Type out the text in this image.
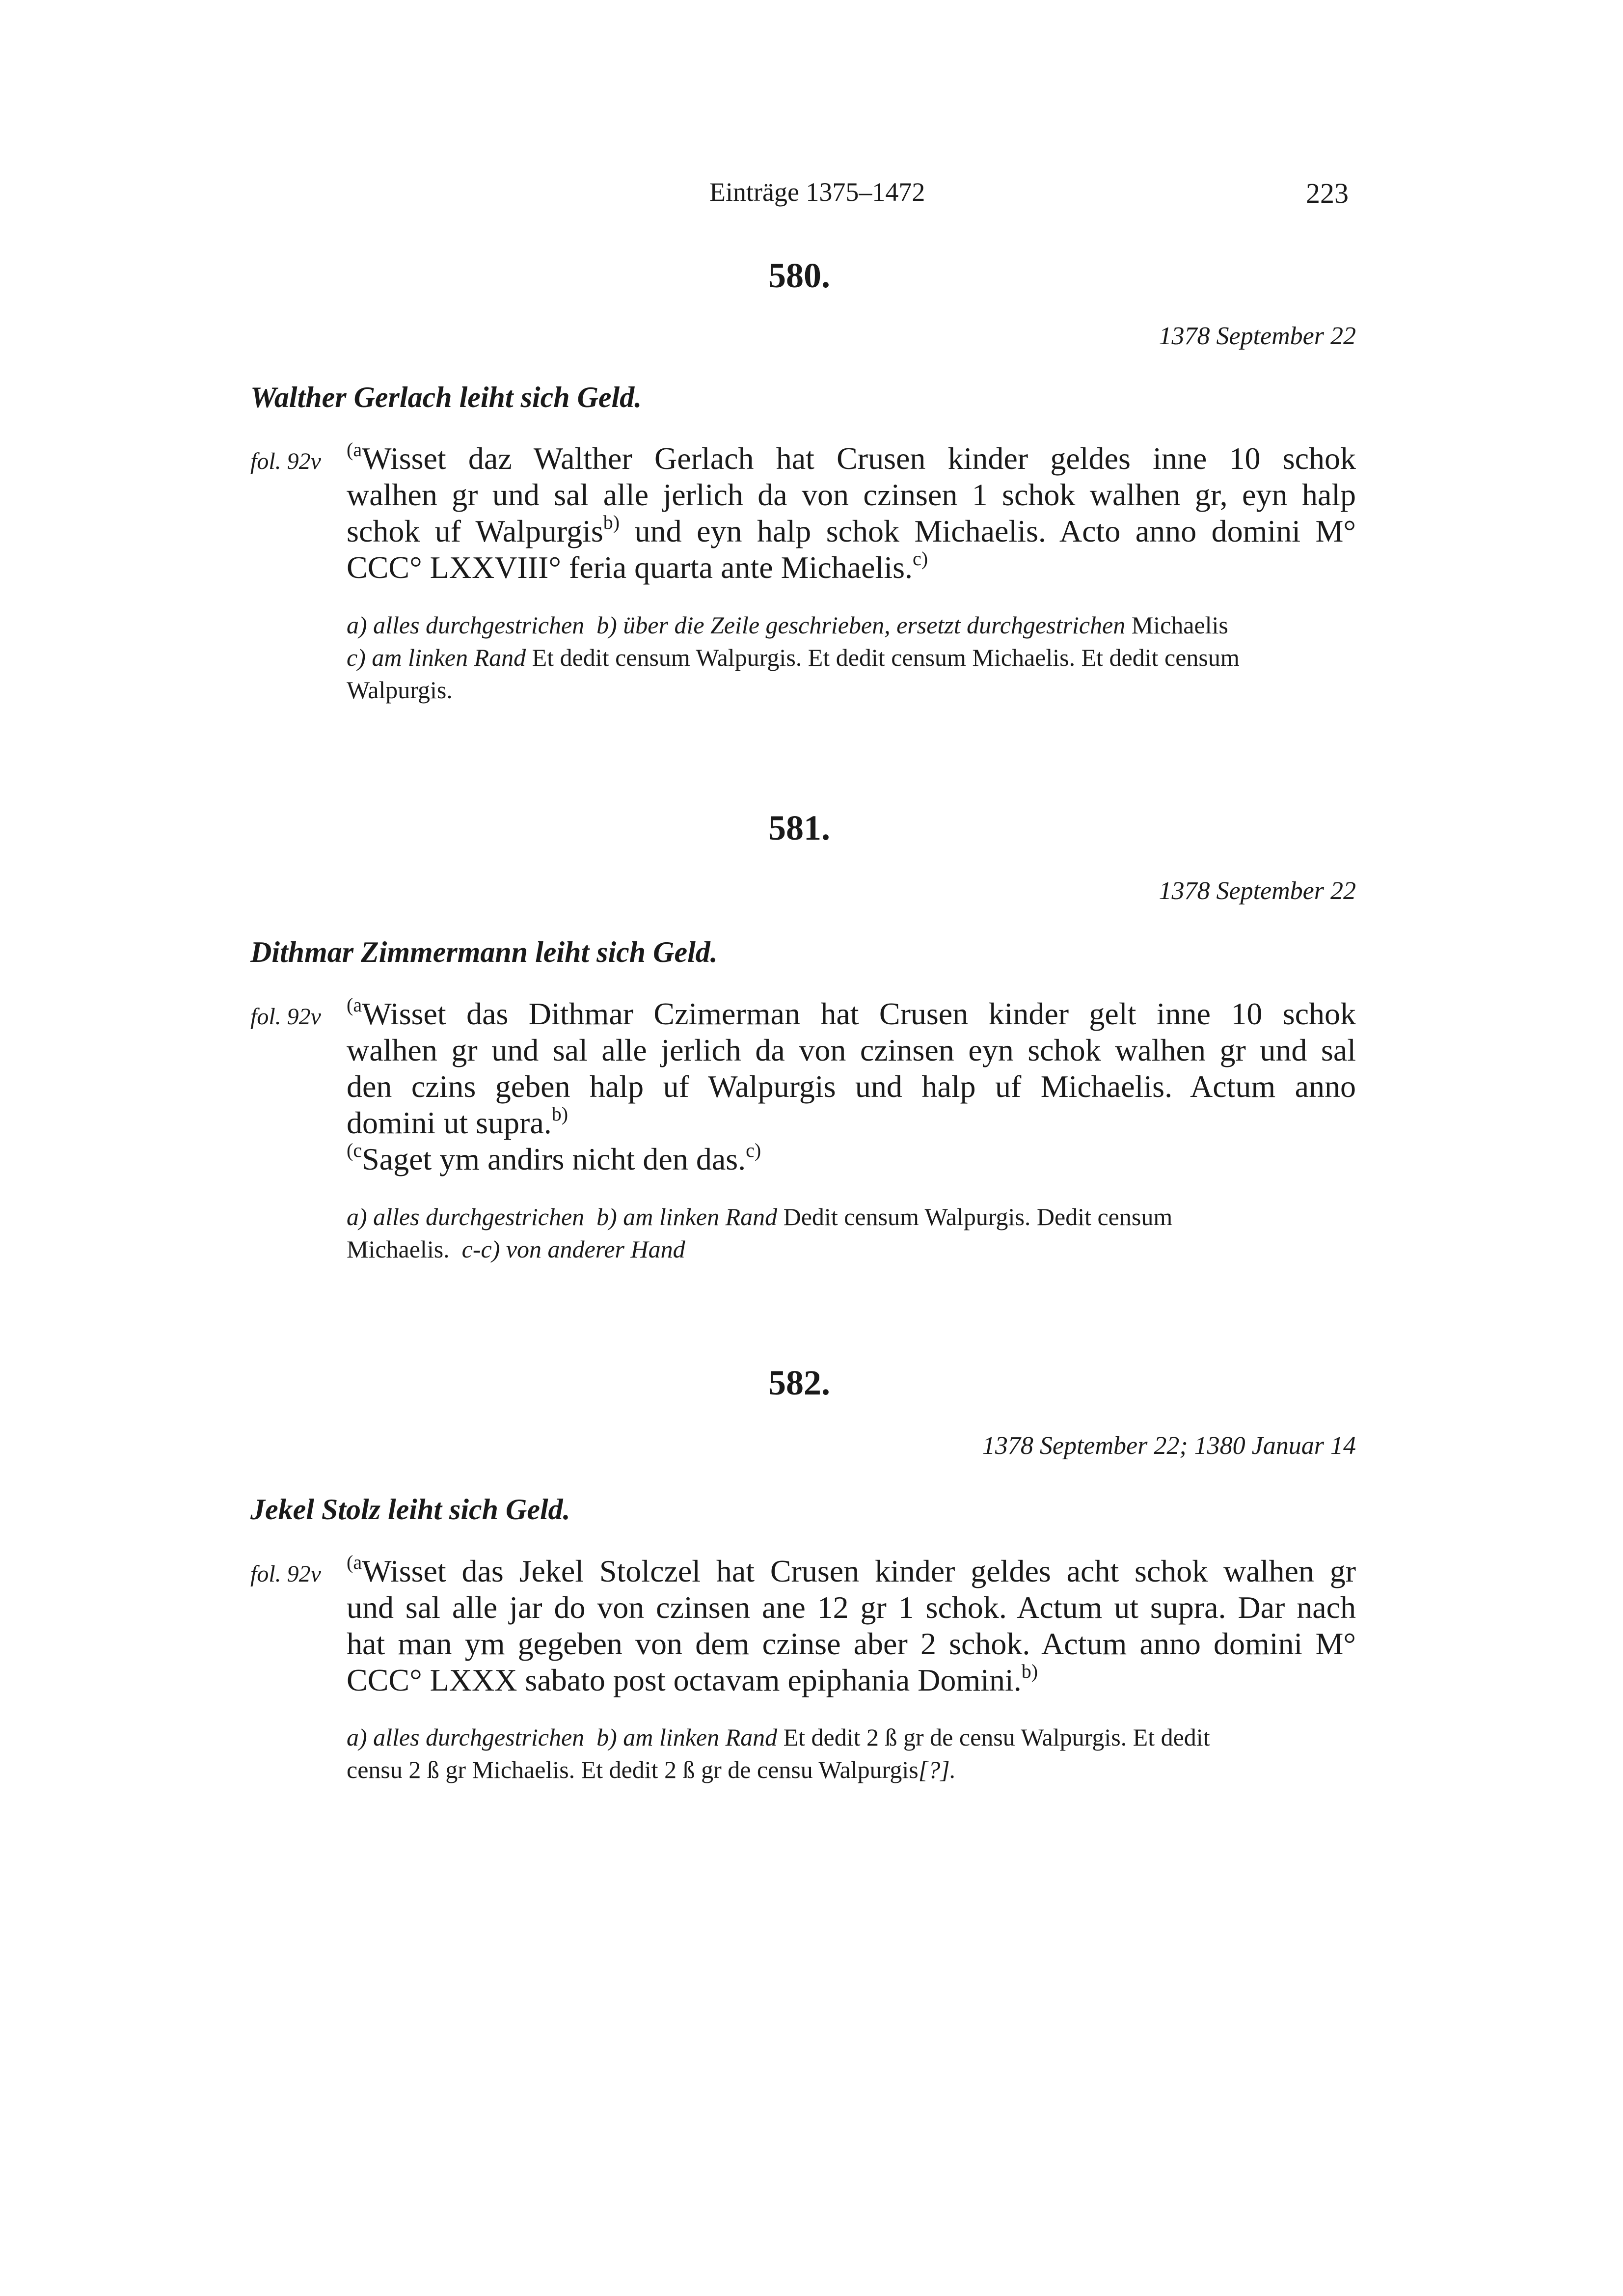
Einträge 1375–1472	223
580.
1378 September 22
Walther Gerlach leiht sich Geld.
fol. 92v $^{(a}$Wisset daz Walther Gerlach hat Crusen kinder geldes inne 10 schok
walhen gr und sal alle jerlich da von czinsen 1 schok walhen gr, eyn halp
schok uf Walpurgis$^{b)}$ und eyn halp schok Michaelis. Acto anno domini M°
CCC° LXXVIII° feria quarta ante Michaelis.$^{c)}$
a) alles durchgestrichen b) über die Zeile geschrieben, ersetzt durchgestrichen Michaelis
c) am linken Rand Et dedit censum Walpurgis. Et dedit censum Michaelis. Et dedit censum
Walpurgis.
581.
1378 September 22
Dithmar Zimmermann leiht sich Geld.
fol. 92v $^{(a}$Wisset das Dithmar Czimerman hat Crusen kinder gelt inne 10 schok
walhen gr und sal alle jerlich da von czinsen eyn schok walhen gr und sal
den czins geben halp uf Walpurgis und halp uf Michaelis. Actum anno
domini ut supra.$^{b)}$
$^{(c}$Saget ym andirs nicht den das.$^{c)}$
a) alles durchgestrichen b) am linken Rand Dedit censum Walpurgis. Dedit censum
Michaelis. c-c) von anderer Hand
582.
1378 September 22; 1380 Januar 14
Jekel Stolz leiht sich Geld.
fol. 92v $^{(a}$Wisset das Jekel Stolczel hat Crusen kinder geldes acht schok walhen gr
und sal alle jar do von czinsen ane 12 gr 1 schok. Actum ut supra. Dar nach
hat man ym gegeben von dem czinse aber 2 schok. Actum anno domini M°
CCC° LXXX sabato post octavam epiphania Domini.$^{b)}$
a) alles durchgestrichen b) am linken Rand Et dedit 2 ß gr de censu Walpurgis. Et dedit
censu 2 ß gr Michaelis. Et dedit 2 ß gr de censu Walpurgis[?].
